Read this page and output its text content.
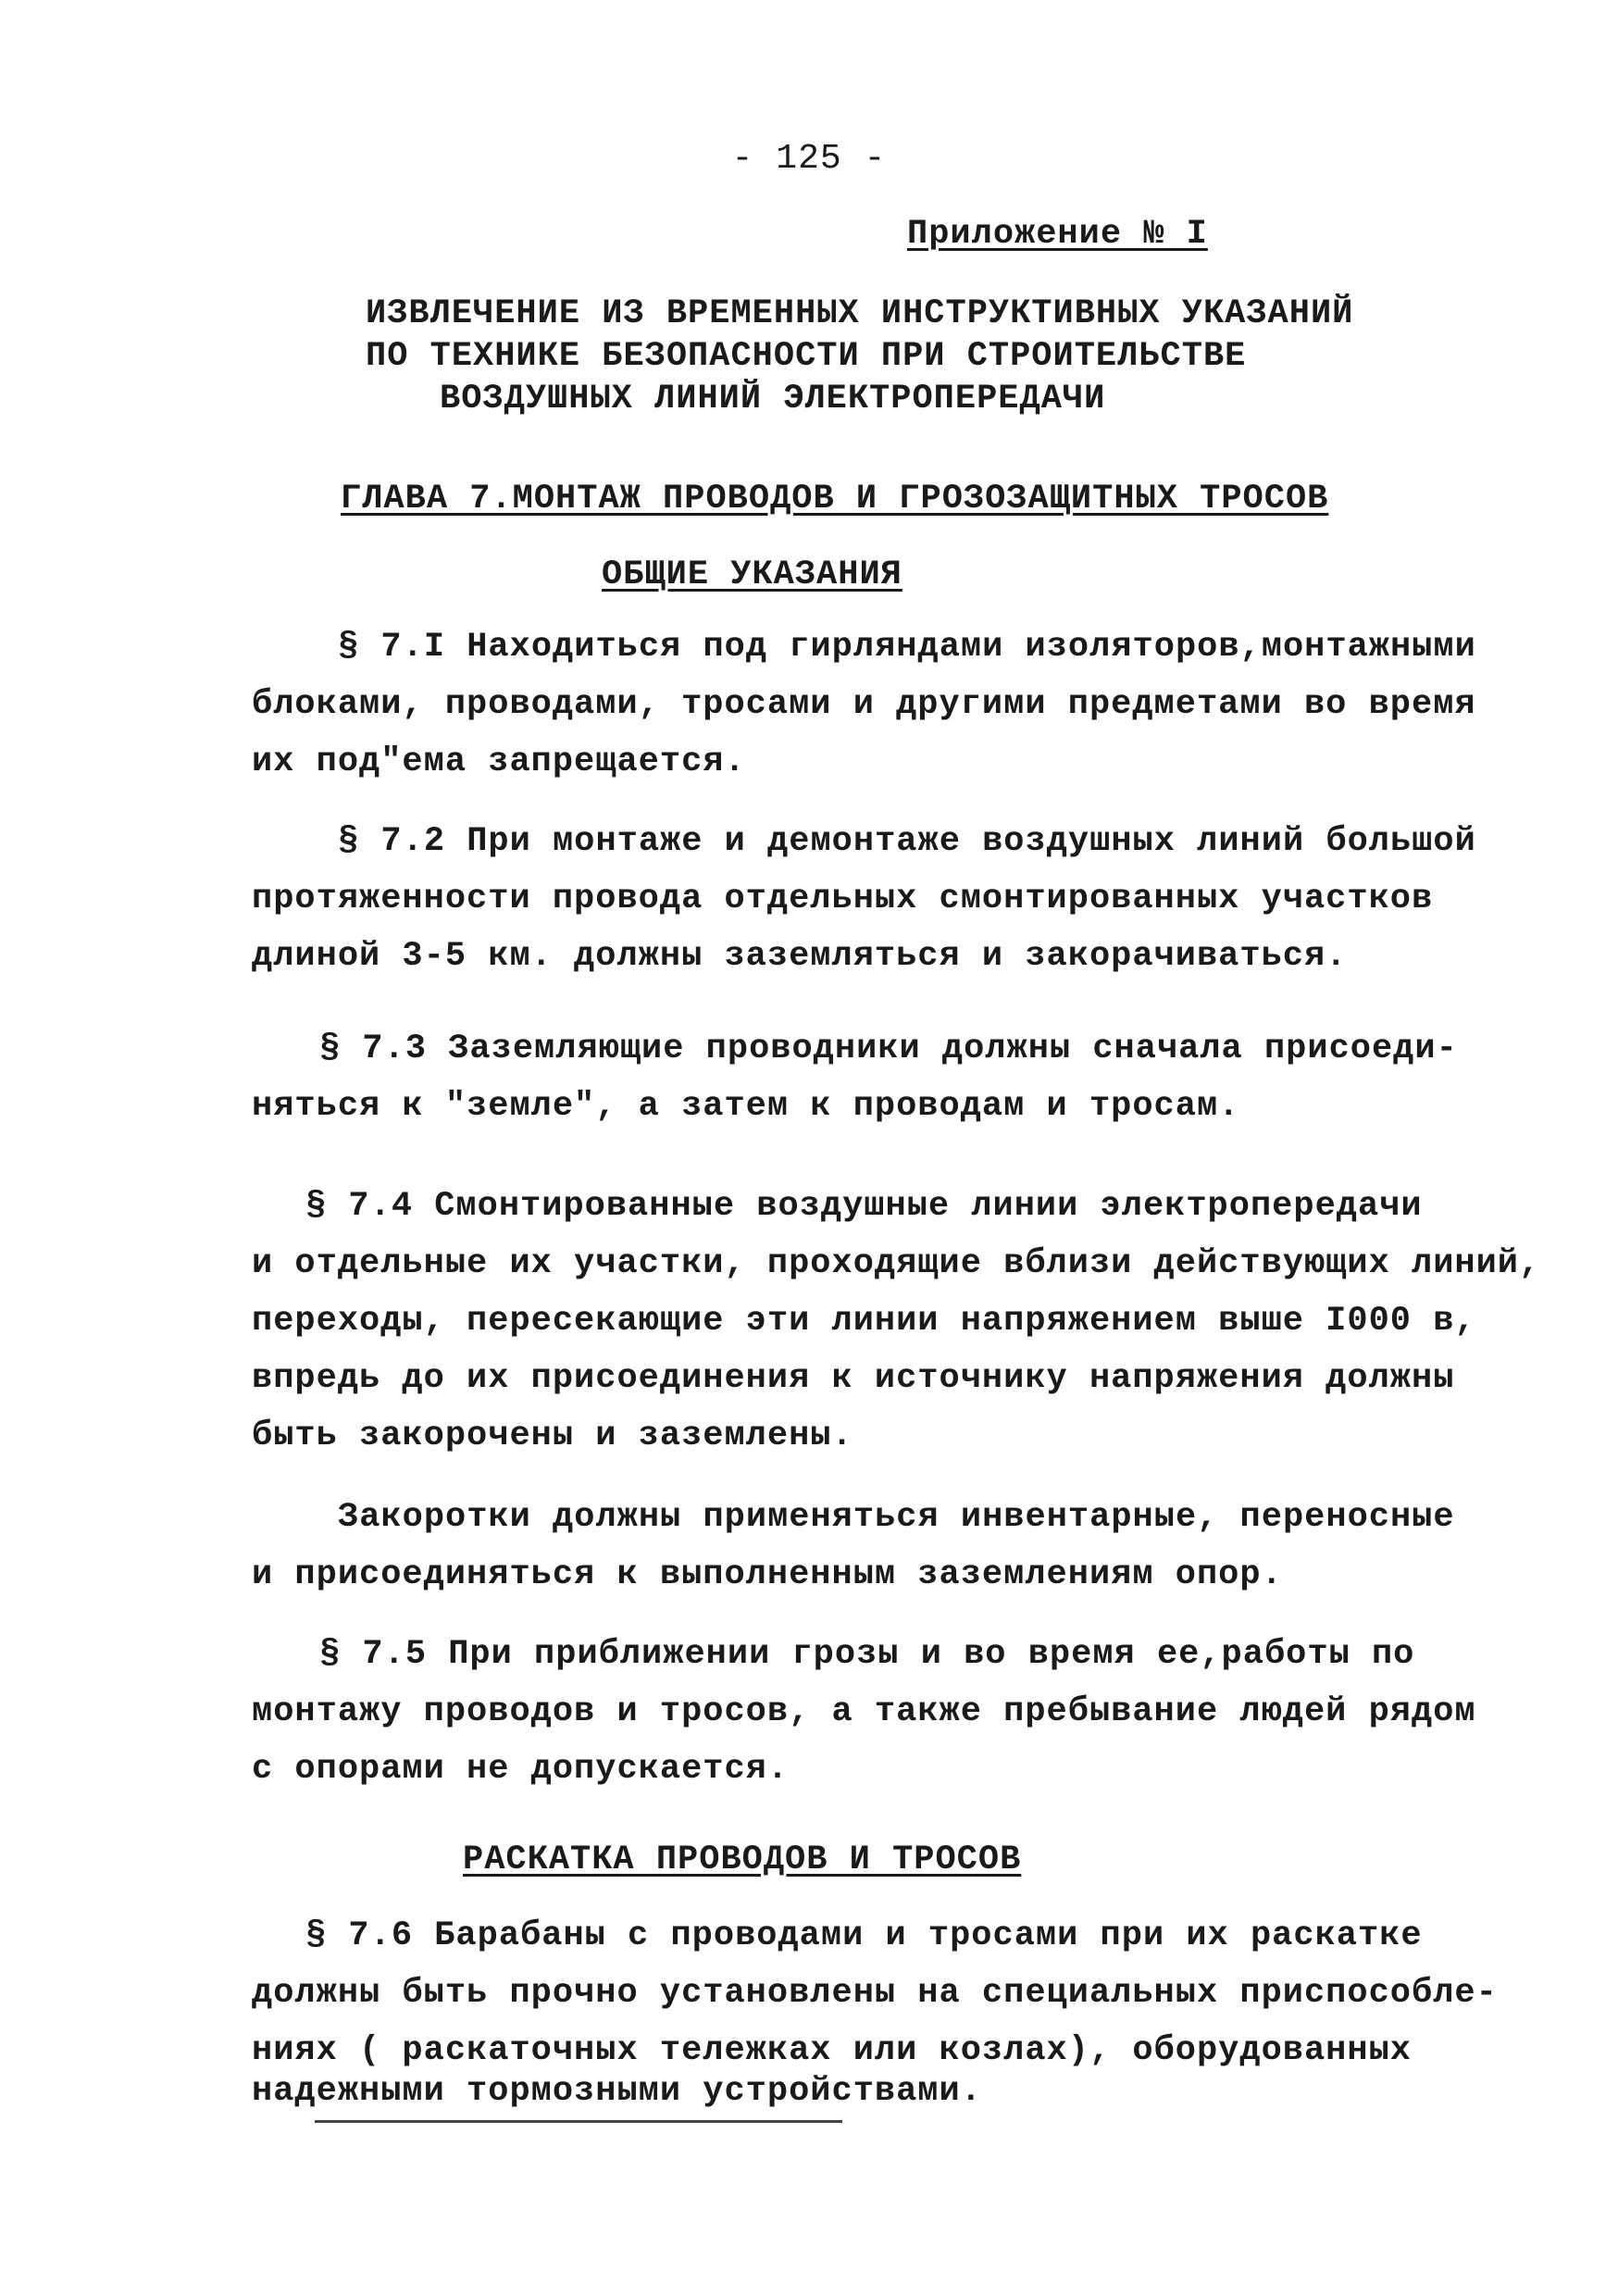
- 125 -
Приложение № I
ИЗВЛЕЧЕНИЕ ИЗ ВРЕМЕННЫХ ИНСТРУКТИВНЫХ УКАЗАНИЙ
ПО ТЕХНИКЕ БЕЗОПАСНОСТИ ПРИ СТРОИТЕЛЬСТВЕ
ВОЗДУШНЫХ ЛИНИЙ ЭЛЕКТРОПЕРЕДАЧИ
ГЛАВА 7.МОНТАЖ ПРОВОДОВ И ГРОЗОЗАЩИТНЫХ ТРОСОВ
ОБЩИЕ УКАЗАНИЯ
§ 7.I Находиться под гирляндами изоляторов,монтажными
блоками, проводами, тросами и другими предметами во время
их под"ема запрещается.
§ 7.2 При монтаже и демонтаже воздушных линий большой
протяженности провода отдельных смонтированных участков
длиной 3-5 км. должны заземляться и закорачиваться.
§ 7.3 Заземляющие проводники должны сначала присоеди-
няться к "земле", а затем к проводам и тросам.
§ 7.4 Смонтированные воздушные линии электропередачи
и отдельные их участки, проходящие вблизи действующих линий,
переходы, пересекающие эти линии напряжением выше I000 в,
впредь до их присоединения к источнику напряжения должны
быть закорочены и заземлены.
Закоротки должны применяться инвентарные, переносные
и присоединяться к выполненным заземлениям опор.
§ 7.5 При приближении грозы и во время ее,работы по
монтажу проводов и тросов, а также пребывание людей рядом
с опорами не допускается.
РАСКАТКА ПРОВОДОВ И ТРОСОВ
§ 7.6 Барабаны с проводами и тросами при их раскатке
должны быть прочно установлены на специальных приспособле-
ниях ( раскаточных тележках или козлах), оборудованных
надежными тормозными устройствами.
